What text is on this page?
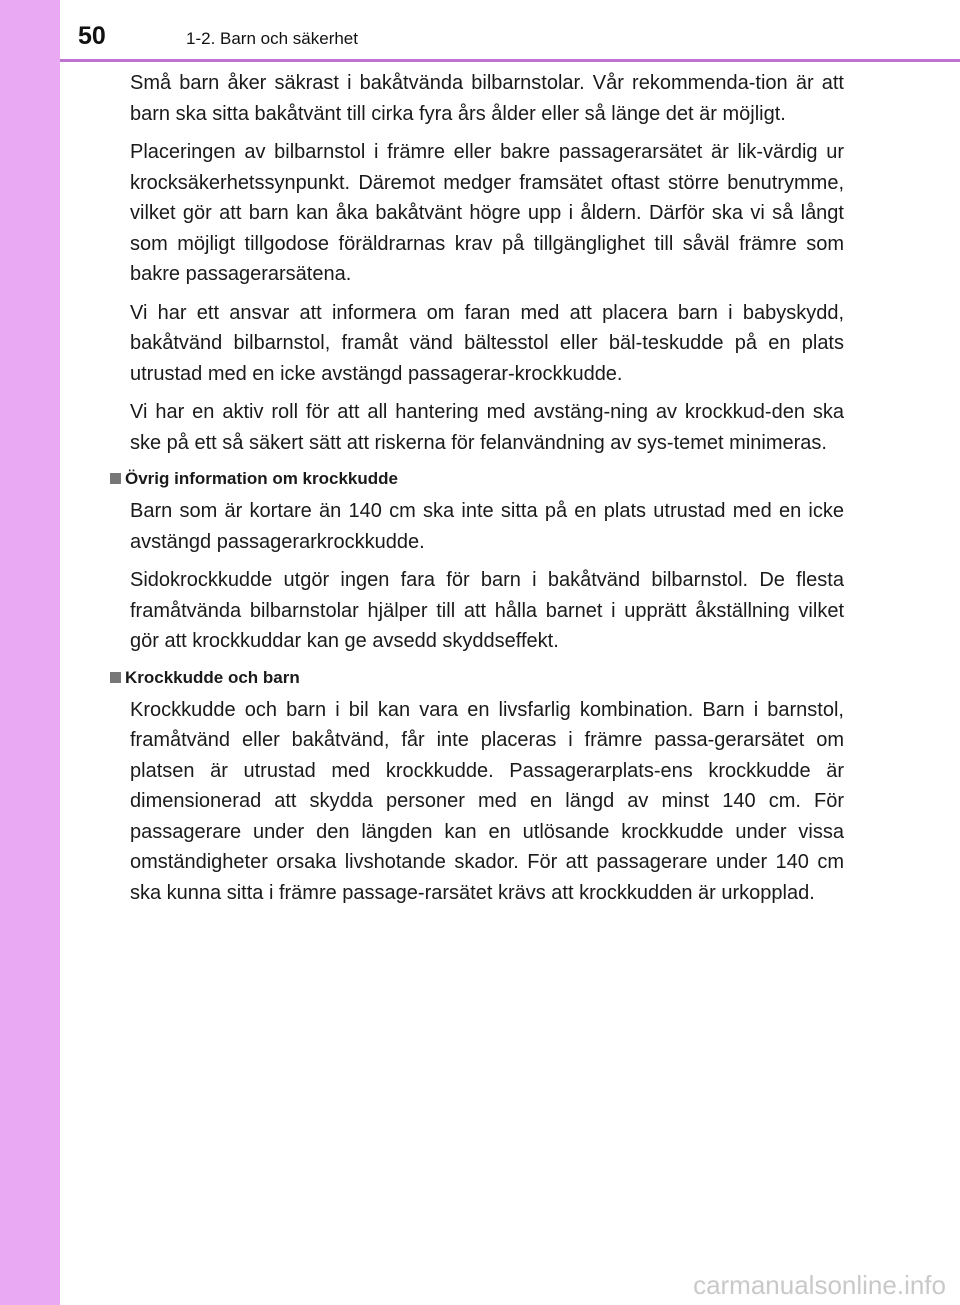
50	1-2. Barn och säkerhet

Små barn åker säkrast i bakåtvända bilbarnstolar. Vår rekommenda-tion är att barn ska sitta bakåtvänt till cirka fyra års ålder eller så länge det är möjligt.

Placeringen av bilbarnstol i främre eller bakre passagerarsätet är lik-värdig ur krocksäkerhetssynpunkt. Däremot medger framsätet oftast större benutrymme, vilket gör att barn kan åka bakåtvänt högre upp i åldern. Därför ska vi så långt som möjligt tillgodose föräldrarnas krav på tillgänglighet till såväl främre som bakre passagerarsätena.

Vi har ett ansvar att informera om faran med att placera barn i babyskydd, bakåtvänd bilbarnstol, framåt vänd bältesstol eller bäl-teskudde på en plats utrustad med en icke avstängd passagerar-krockkudde.

Vi har en aktiv roll för att all hantering med avstäng-ning av krockkud-den ska ske på ett så säkert sätt att riskerna för felanvändning av sys-temet minimeras.

Övrig information om krockkudde

Barn som är kortare än 140 cm ska inte sitta på en plats utrustad med en icke avstängd passagerarkrockkudde.

Sidokrockkudde utgör ingen fara för barn i bakåtvänd bilbarnstol. De flesta framåtvända bilbarnstolar hjälper till att hålla barnet i upprätt åkställning vilket gör att krockkuddar kan ge avsedd skyddseffekt.

Krockkudde och barn

Krockkudde och barn i bil kan vara en livsfarlig kombination. Barn i barnstol, framåtvänd eller bakåtvänd, får inte placeras i främre passa-gerarsätet om platsen är utrustad med krockkudde. Passagerarplats-ens krockkudde är dimensionerad att skydda personer med en längd av minst 140 cm. För passagerare under den längden kan en utlösande krockkudde under vissa omständigheter orsaka livshotande skador. För att passagerare under 140 cm ska kunna sitta i främre passage-rarsätet krävs att krockkudden är urkopplad.

carmanualsonline.info
